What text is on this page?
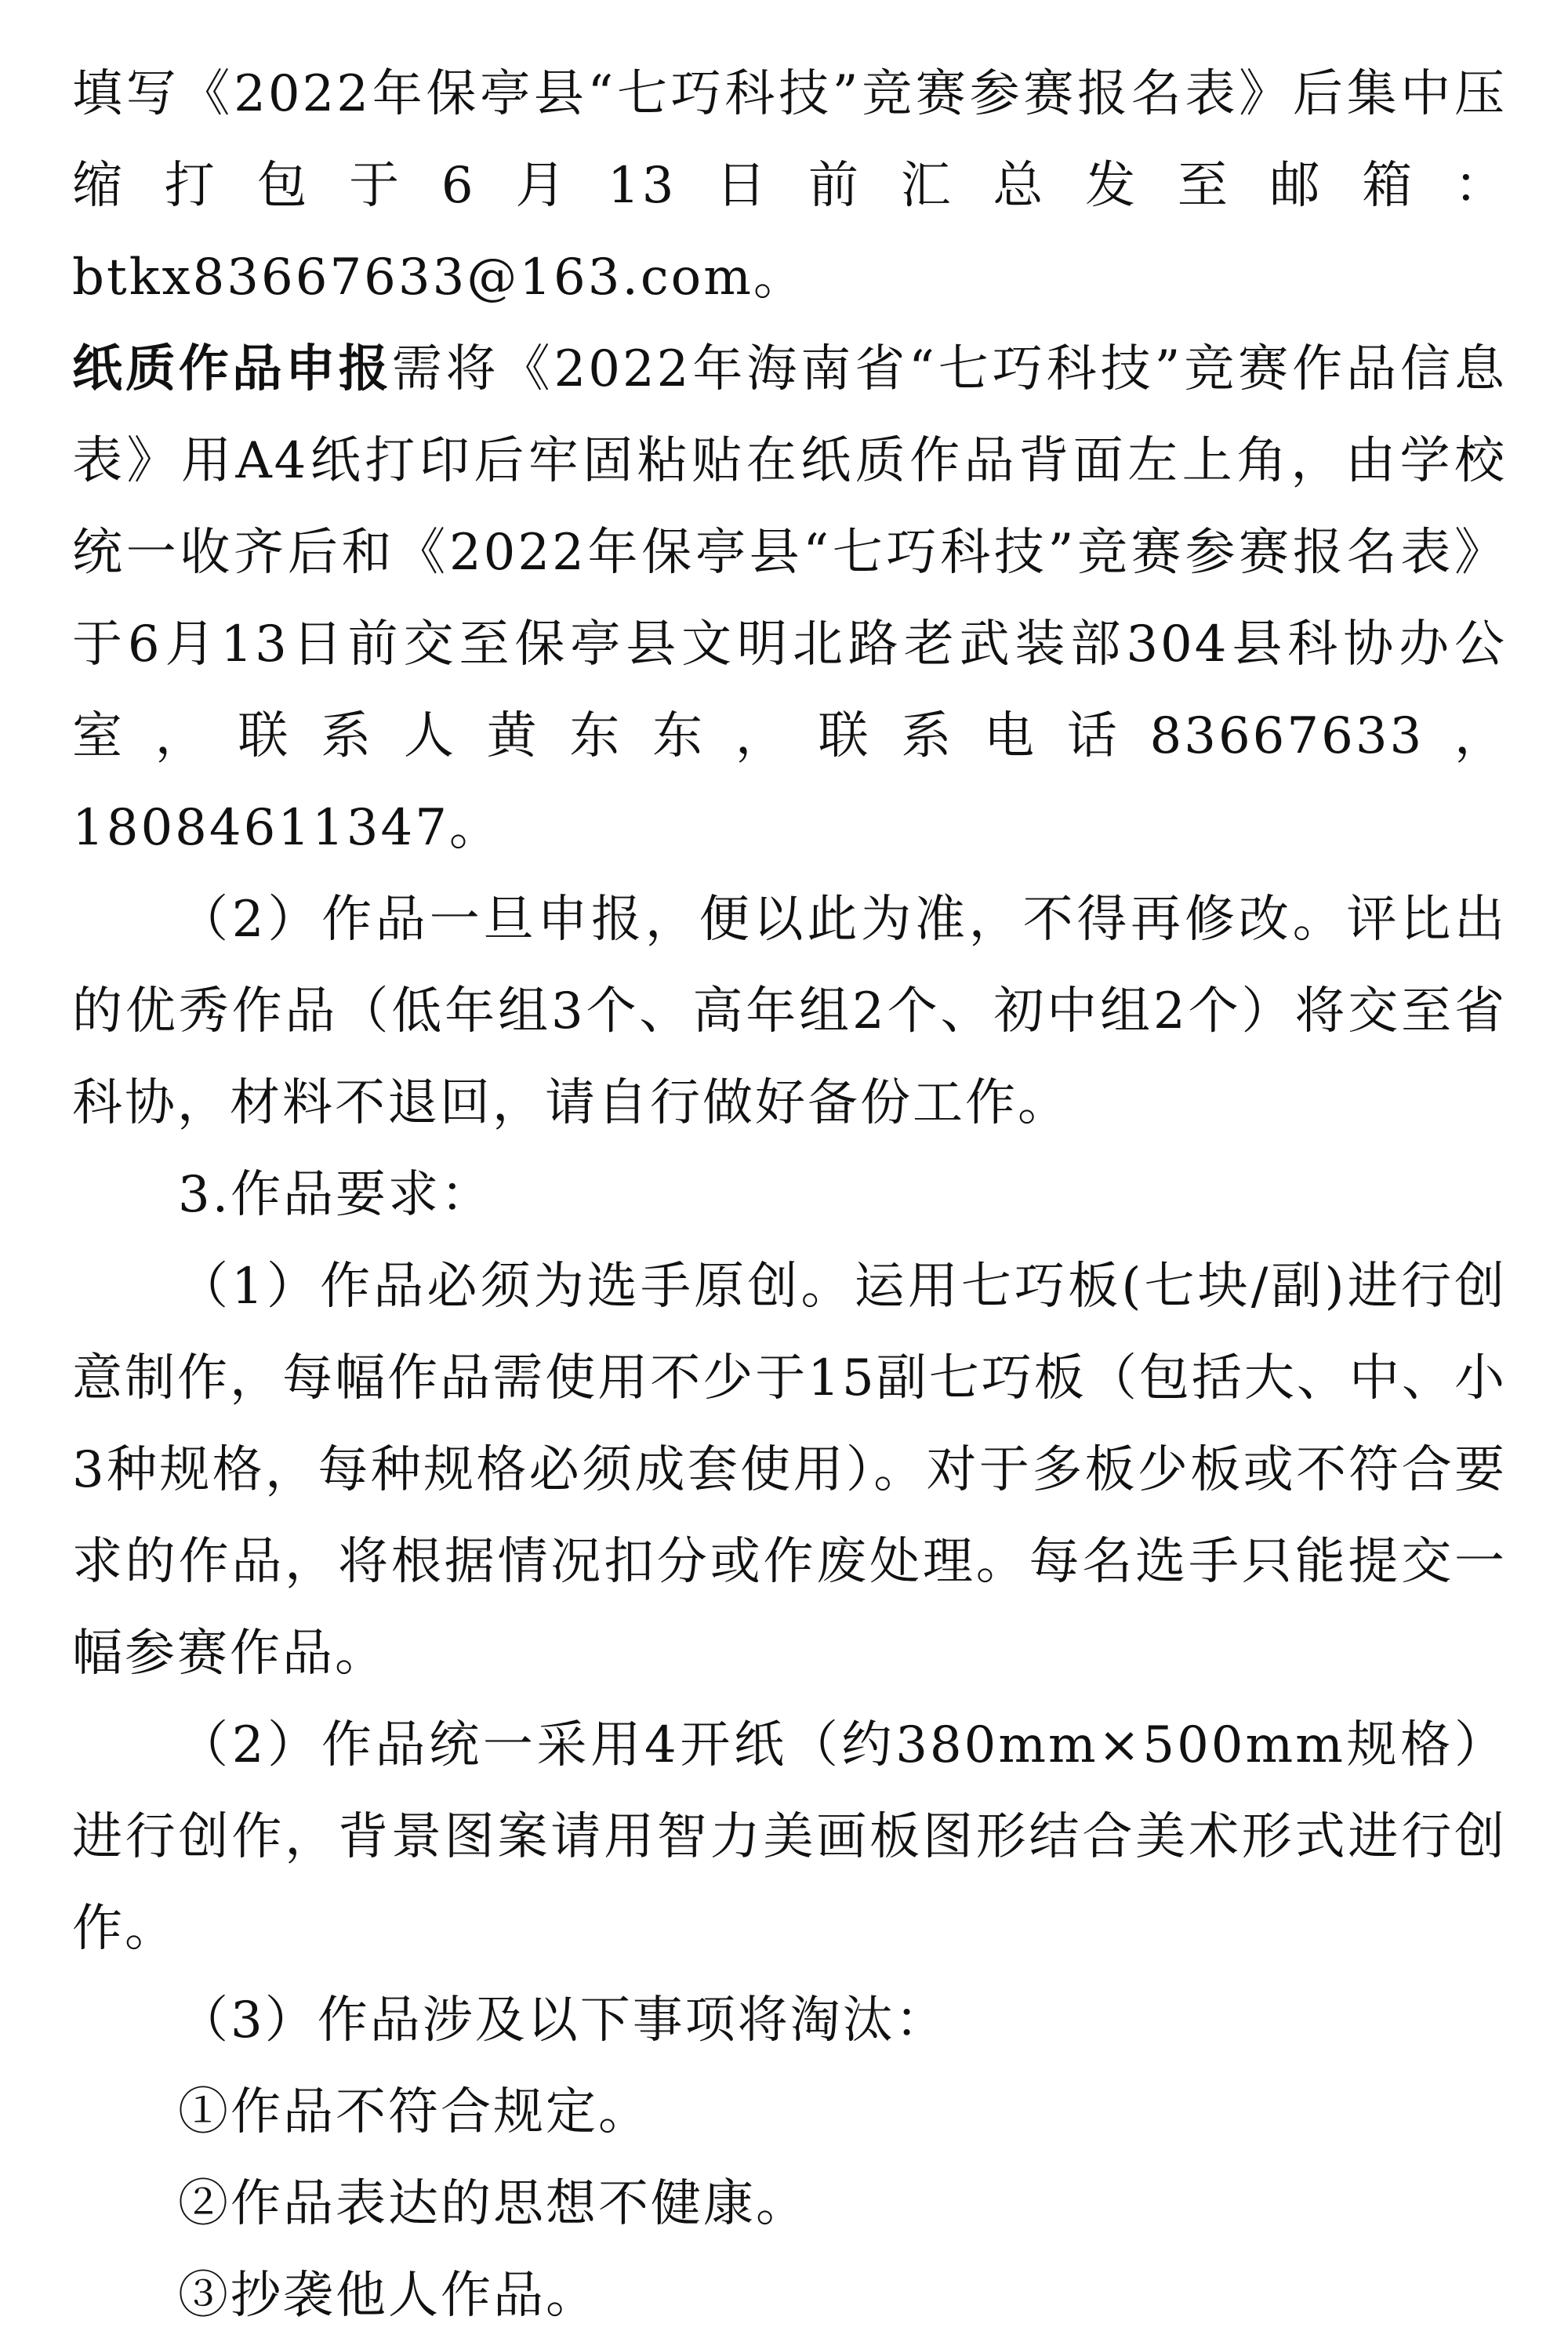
填写《2022年保亭县“七巧科技”竞赛参赛报名表》后集中压缩打包于6月13日前汇总发至邮箱：btkx83667633@163.com。

纸质作品申报需将《2022年海南省“七巧科技”竞赛作品信息表》用A4纸打印后牢固粘贴在纸质作品背面左上角，由学校统一收齐后和《2022年保亭县“七巧科技”竞赛参赛报名表》于6月13日前交至保亭县文明北路老武装部304县科协办公室，联系人黄东东，联系电话83667633，18084611347。

（2）作品一旦申报，便以此为准，不得再修改。评比出的优秀作品（低年组3个、高年组2个、初中组2个）将交至省科协，材料不退回，请自行做好备份工作。

3.作品要求：

（1）作品必须为选手原创。运用七巧板(七块/副)进行创意制作，每幅作品需使用不少于15副七巧板（包括大、中、小3种规格，每种规格必须成套使用）。对于多板少板或不符合要求的作品，将根据情况扣分或作废处理。每名选手只能提交一幅参赛作品。

（2）作品统一采用4开纸（约380mm×500mm规格）进行创作，背景图案请用智力美画板图形结合美术形式进行创作。

（3）作品涉及以下事项将淘汰：

①作品不符合规定。

②作品表达的思想不健康。

③抄袭他人作品。
